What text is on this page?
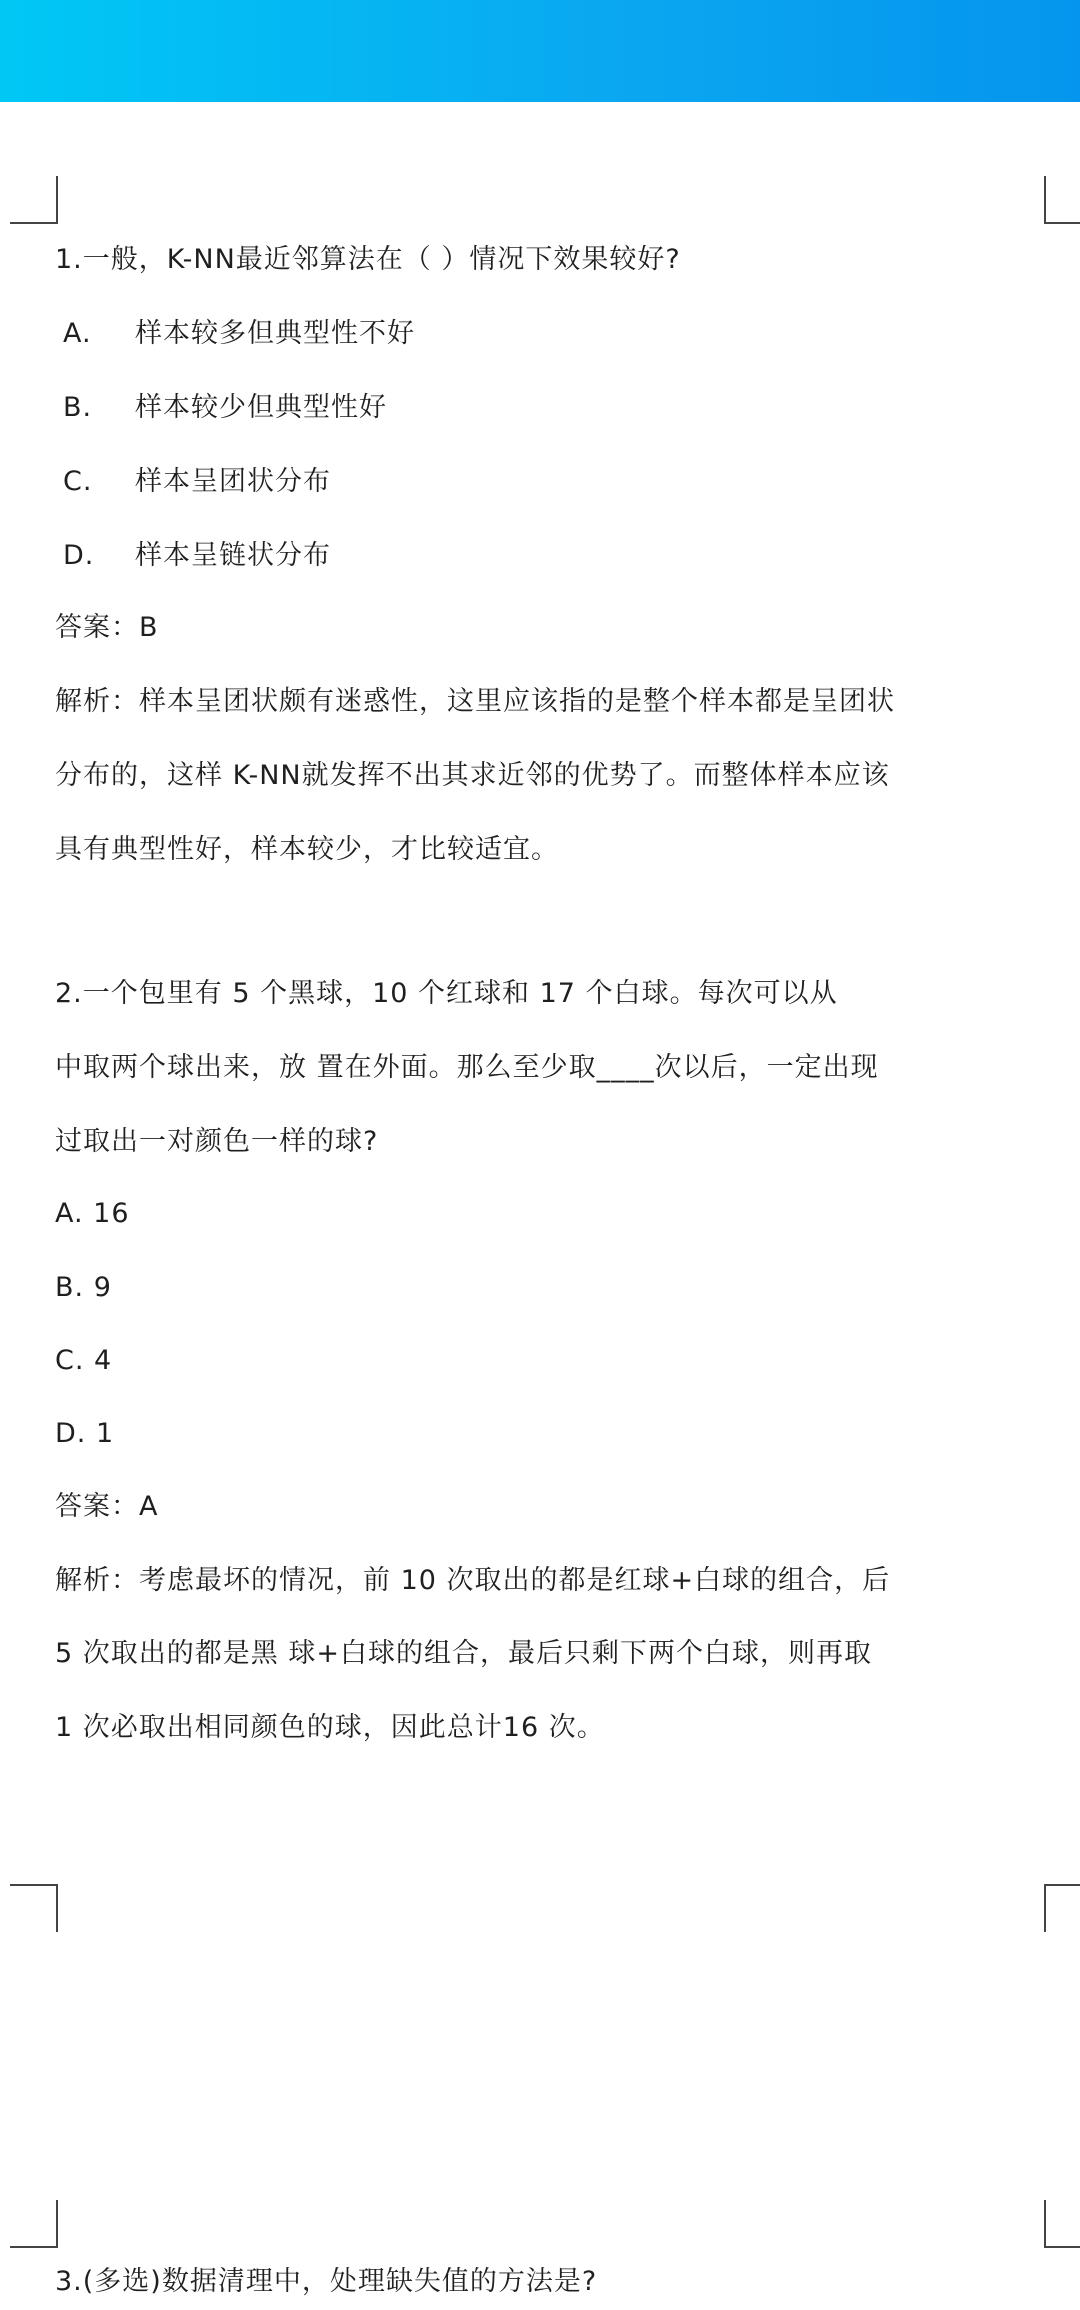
1.一般，K-NN最近邻算法在（ ）情况下效果较好?
A. 样本较多但典型性不好
B. 样本较少但典型性好
C. 样本呈团状分布
D. 样本呈链状分布
答案：B
解析：样本呈团状颇有迷惑性，这里应该指的是整个样本都是呈团状
分布的，这样 K-NN就发挥不出其求近邻的优势了。而整体样本应该
具有典型性好，样本较少，才比较适宜。
2.一个包里有 5 个黑球，10 个红球和 17 个白球。每次可以从
中取两个球出来，放 置在外面。那么至少取____次以后，一定出现
过取出一对颜色一样的球?
A. 16
B. 9
C. 4
D. 1
答案：A
解析：考虑最坏的情况，前 10 次取出的都是红球+白球的组合，后
5 次取出的都是黑 球+白球的组合，最后只剩下两个白球，则再取
1 次必取出相同颜色的球，因此总计16 次。
3.(多选)数据清理中，处理缺失值的方法是?
